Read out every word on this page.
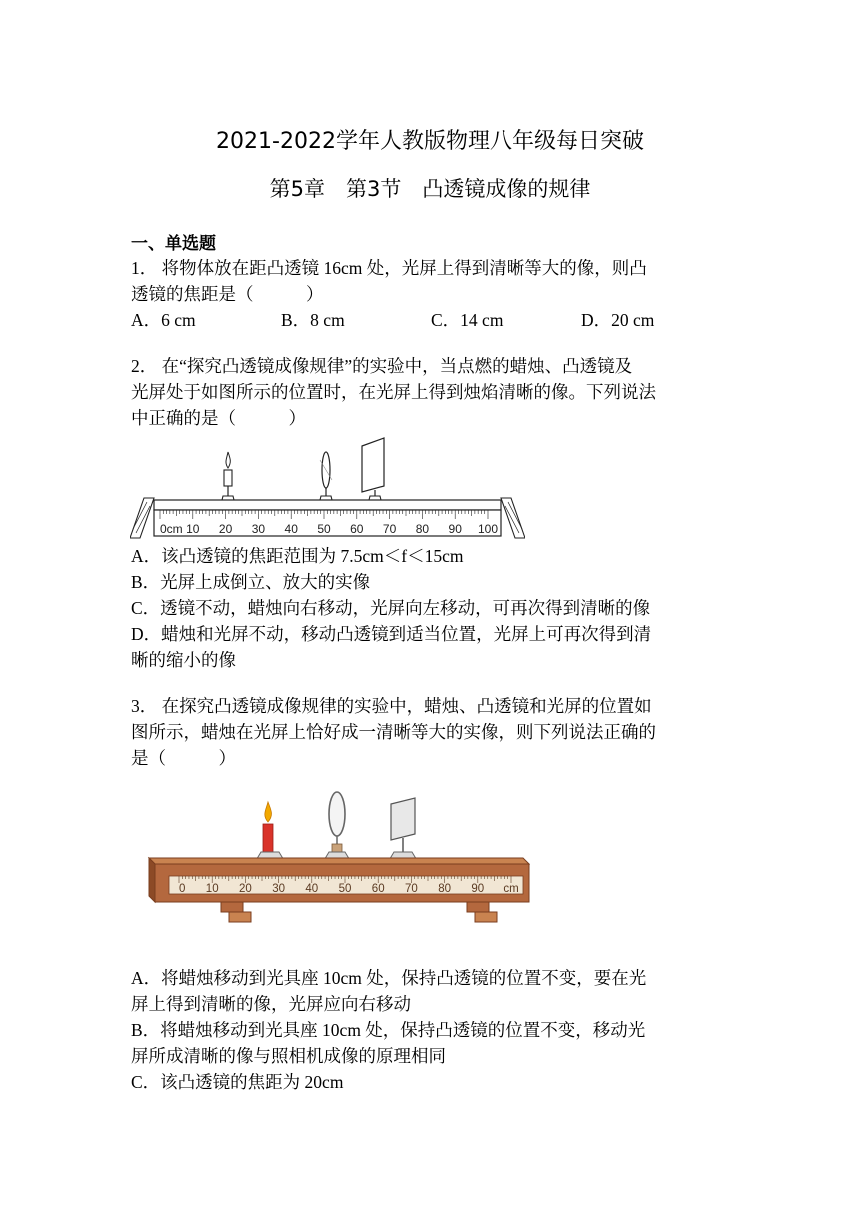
2021-2022学年人教版物理八年级每日突破
第5章　第3节　凸透镜成像的规律
一、单选题
1． 将物体放在距凸透镜 16cm 处，光屏上得到清晰等大的像，则凸
透镜的焦距是（　　　）
A．6 cm	B．8 cm	C．14 cm	D．20 cm
2． 在“探究凸透镜成像规律”的实验中，当点燃的蜡烛、凸透镜及
光屏处于如图所示的位置时，在光屏上得到烛焰清晰的像。下列说法
中正确的是（　　　）
0cm 10 20 30 40 50 60 70 80 90 100
A．该凸透镜的焦距范围为 7.5cm＜f＜15cm
B．光屏上成倒立、放大的实像
C．透镜不动，蜡烛向右移动，光屏向左移动，可再次得到清晰的像
D．蜡烛和光屏不动，移动凸透镜到适当位置，光屏上可再次得到清
晰的缩小的像
3． 在探究凸透镜成像规律的实验中，蜡烛、凸透镜和光屏的位置如
图所示，蜡烛在光屏上恰好成一清晰等大的实像，则下列说法正确的
是（　　　）
0 10 20 30 40 50 60 70 80 90 cm
A．将蜡烛移动到光具座 10cm 处，保持凸透镜的位置不变，要在光
屏上得到清晰的像，光屏应向右移动
B．将蜡烛移动到光具座 10cm 处，保持凸透镜的位置不变，移动光
屏所成清晰的像与照相机成像的原理相同
C．该凸透镜的焦距为 20cm
